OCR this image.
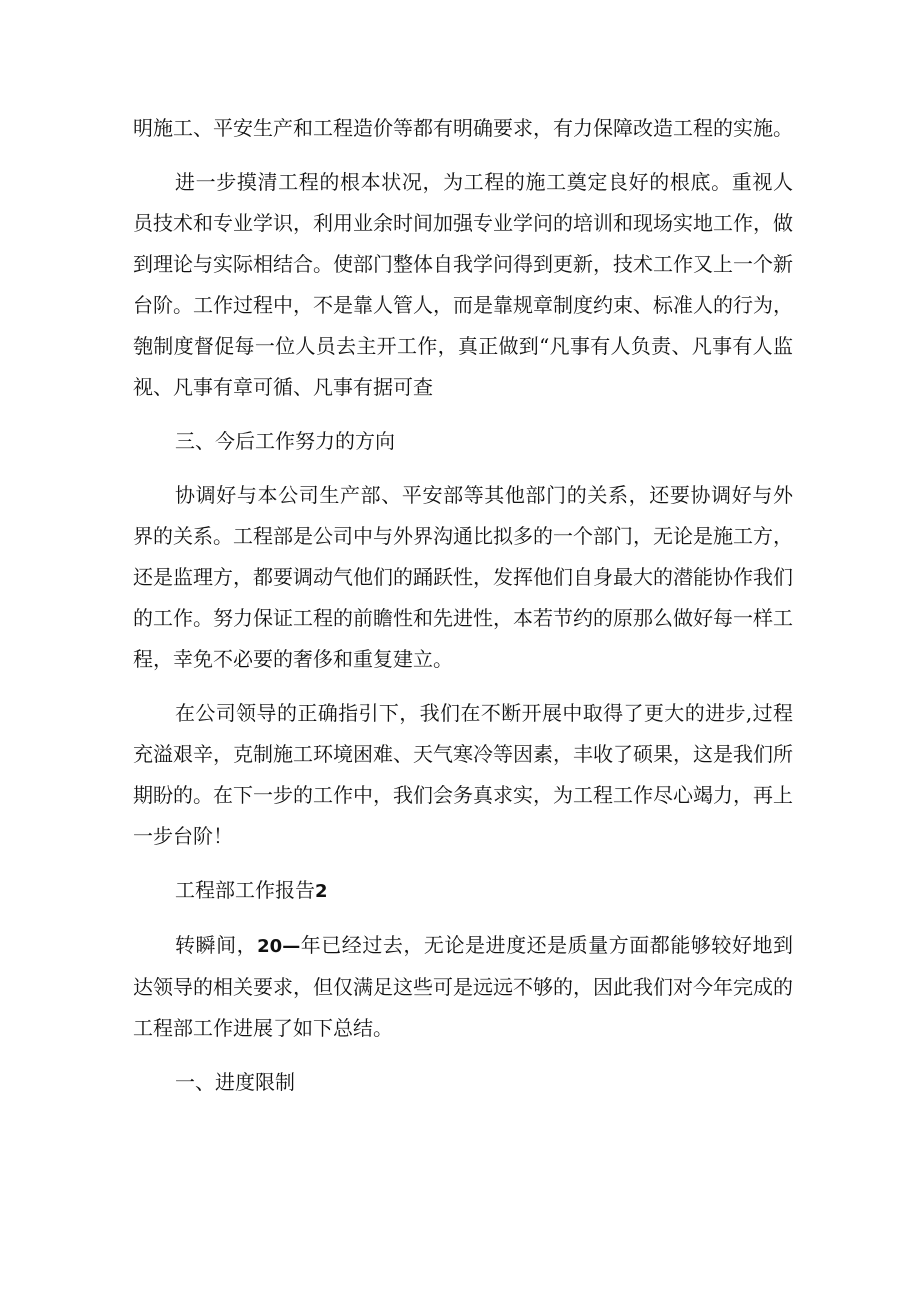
明施工、平安生产和工程造价等都有明确要求，有力保障改造工程的实施。

进一步摸清工程的根本状况，为工程的施工奠定良好的根底。重视人员技术和专业学识，利用业余时间加强专业学问的培训和现场实地工作，做到理论与实际相结合。使部门整体自我学问得到更新，技术工作又上一个新台阶。工作过程中，不是靠人管人，而是靠规章制度约束、标准人的行为，匏制度督促每一位人员去主开工作，真正做到“凡事有人负责、凡事有人监视、凡事有章可循、凡事有据可查

三、今后工作努力的方向

协调好与本公司生产部、平安部等其他部门的关系，还要协调好与外界的关系。工程部是公司中与外界沟通比拟多的一个部门，无论是施工方，还是监理方，都要调动气他们的踊跃性，发挥他们自身最大的潜能协作我们的工作。努力保证工程的前瞻性和先进性，本若节约的原那么做好每一样工程，幸免不必要的奢侈和重复建立。

在公司领导的正确指引下，我们在不断开展中取得了更大的进步,过程充溢艰辛，克制施工环境困难、天气寒冷等因素，丰收了硕果，这是我们所期盼的。在下一步的工作中，我们会务真求实，为工程工作尽心竭力，再上一步台阶！

工程部工作报告2

转瞬间，20—年已经过去，无论是进度还是质量方面都能够较好地到达领导的相关要求，但仅满足这些可是远远不够的，因此我们对今年完成的工程部工作进展了如下总结。

一、进度限制
